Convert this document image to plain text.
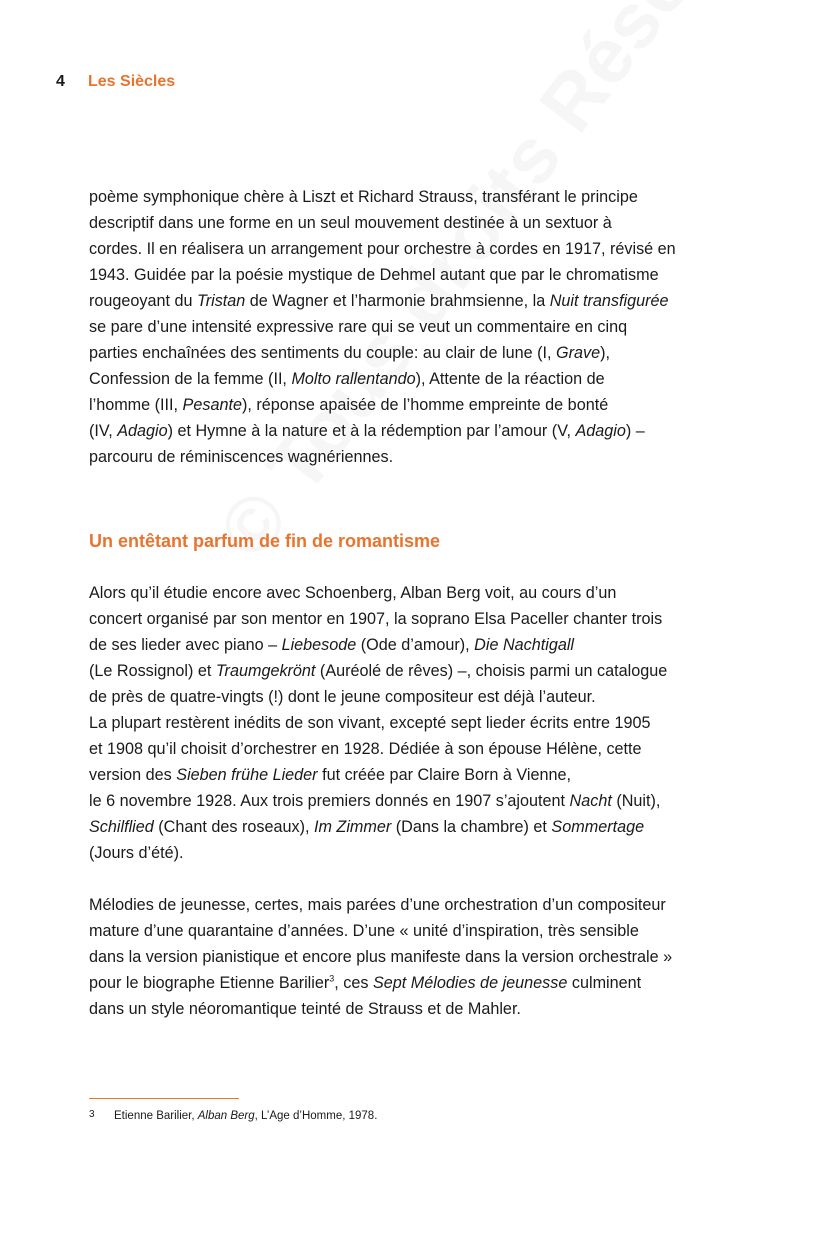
4 Les Siècles

poème symphonique chère à Liszt et Richard Strauss, transférant le principe
descriptif dans une forme en un seul mouvement destinée à un sextuor à
cordes. Il en réalisera un arrangement pour orchestre à cordes en 1917, révisé en
1943. Guidée par la poésie mystique de Dehmel autant que par le chromatisme
rougeoyant du Tristan de Wagner et l’harmonie brahmsienne, la Nuit transfigurée
se pare d’une intensité expressive rare qui se veut un commentaire en cinq
parties enchaînées des sentiments du couple: au clair de lune (I, Grave),
Confession de la femme (II, Molto rallentando), Attente de la réaction de
l’homme (III, Pesante), réponse apaisée de l’homme empreinte de bonté
(IV, Adagio) et Hymne à la nature et à la rédemption par l’amour (V, Adagio) –
parcouru de réminiscences wagnériennes.

Un entêtant parfum de fin de romantisme

Alors qu’il étudie encore avec Schoenberg, Alban Berg voit, au cours d’un
concert organisé par son mentor en 1907, la soprano Elsa Paceller chanter trois
de ses lieder avec piano – Liebesode (Ode d’amour), Die Nachtigall
(Le Rossignol) et Traumgekrönt (Auréolé de rêves) –, choisis parmi un catalogue
de près de quatre-vingts (!) dont le jeune compositeur est déjà l’auteur.
La plupart restèrent inédits de son vivant, excepté sept lieder écrits entre 1905
et 1908 qu’il choisit d’orchestrer en 1928. Dédiée à son épouse Hélène, cette
version des Sieben frühe Lieder fut créée par Claire Born à Vienne,
le 6 novembre 1928. Aux trois premiers donnés en 1907 s’ajoutent Nacht (Nuit),
Schilflied (Chant des roseaux), Im Zimmer (Dans la chambre) et Sommertage
(Jours d’été).

Mélodies de jeunesse, certes, mais parées d’une orchestration d’un compositeur
mature d’une quarantaine d’années. D’une « unité d’inspiration, très sensible
dans la version pianistique et encore plus manifeste dans la version orchestrale »
pour le biographe Etienne Barilier$^3$, ces Sept Mélodies de jeunesse culminent
dans un style néoromantique teinté de Strauss et de Mahler.

3 Etienne Barilier, Alban Berg, L’Age d’Homme, 1978.
